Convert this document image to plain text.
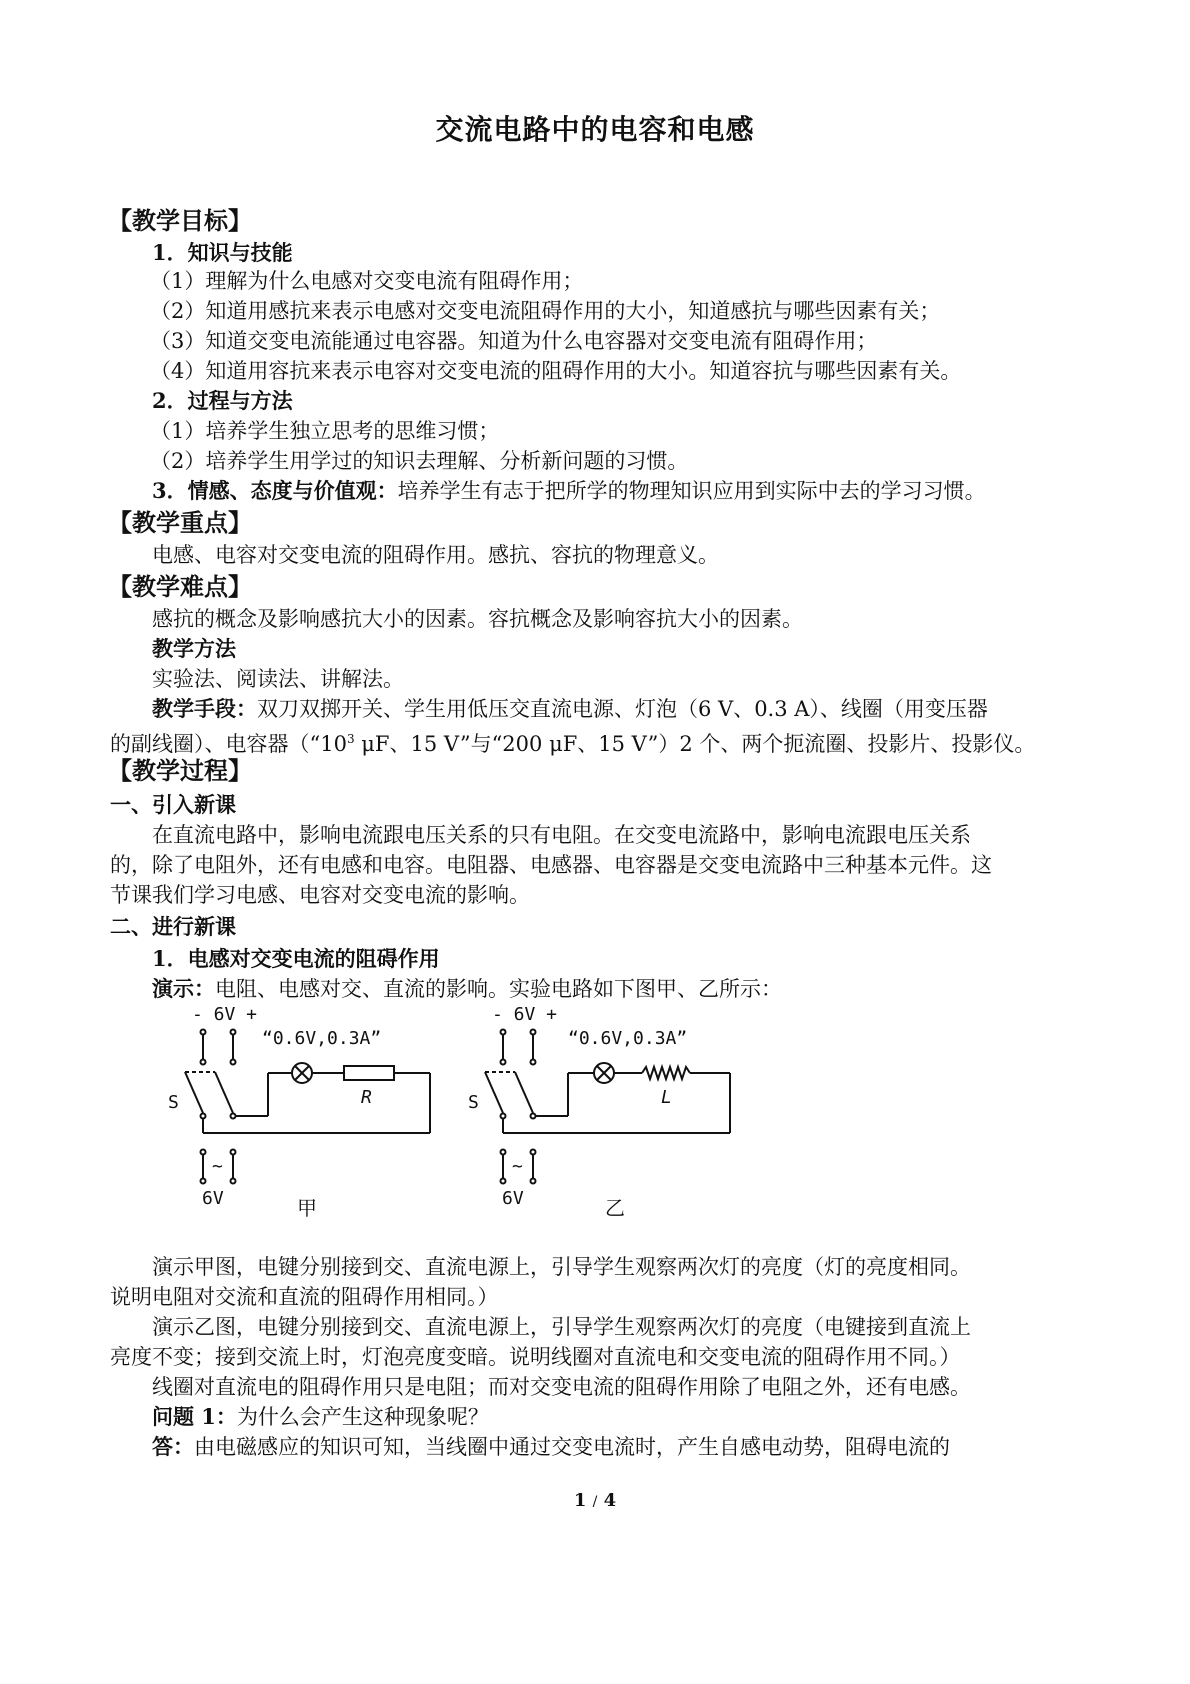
交流电路中的电容和电感
【教学目标】
1．知识与技能
（1）理解为什么电感对交变电流有阻碍作用；
（2）知道用感抗来表示电感对交变电流阻碍作用的大小，知道感抗与哪些因素有关；
（3）知道交变电流能通过电容器。知道为什么电容器对交变电流有阻碍作用；
（4）知道用容抗来表示电容对交变电流的阻碍作用的大小。知道容抗与哪些因素有关。
2．过程与方法
（1）培养学生独立思考的思维习惯；
（2）培养学生用学过的知识去理解、分析新问题的习惯。
3．情感、态度与价值观：培养学生有志于把所学的物理知识应用到实际中去的学习习惯。
【教学重点】
电感、电容对交变电流的阻碍作用。感抗、容抗的物理意义。
【教学难点】
感抗的概念及影响感抗大小的因素。容抗概念及影响容抗大小的因素。
教学方法
实验法、阅读法、讲解法。
教学手段：双刀双掷开关、学生用低压交直流电源、灯泡（6 V、0.3 A）、线圈（用变压器
的副线圈）、电容器（“$10^3$ μF、15 V”与“200 μF、15 V”）2 个、两个扼流圈、投影片、投影仪。
【教学过程】
一、引入新课
在直流电路中，影响电流跟电压关系的只有电阻。在交变电流路中，影响电流跟电压关系
的，除了电阻外，还有电感和电容。电阻器、电感器、电容器是交变电流路中三种基本元件。这
节课我们学习电感、电容对交变电流的影响。
二、进行新课
1．电感对交变电流的阻碍作用
演示：电阻、电感对交、直流的影响。实验电路如下图甲、乙所示：
- 6V +
“0.6V,0.3A”
S	R
~
6V	甲
- 6V +
“0.6V,0.3A”
S	L
~
6V	乙
演示甲图，电键分别接到交、直流电源上，引导学生观察两次灯的亮度（灯的亮度相同。
说明电阻对交流和直流的阻碍作用相同。）
演示乙图，电键分别接到交、直流电源上，引导学生观察两次灯的亮度（电键接到直流上
亮度不变；接到交流上时，灯泡亮度变暗。说明线圈对直流电和交变电流的阻碍作用不同。）
线圈对直流电的阻碍作用只是电阻；而对交变电流的阻碍作用除了电阻之外，还有电感。
问题 1：为什么会产生这种现象呢？
答：由电磁感应的知识可知，当线圈中通过交变电流时，产生自感电动势，阻碍电流的
1 / 4
